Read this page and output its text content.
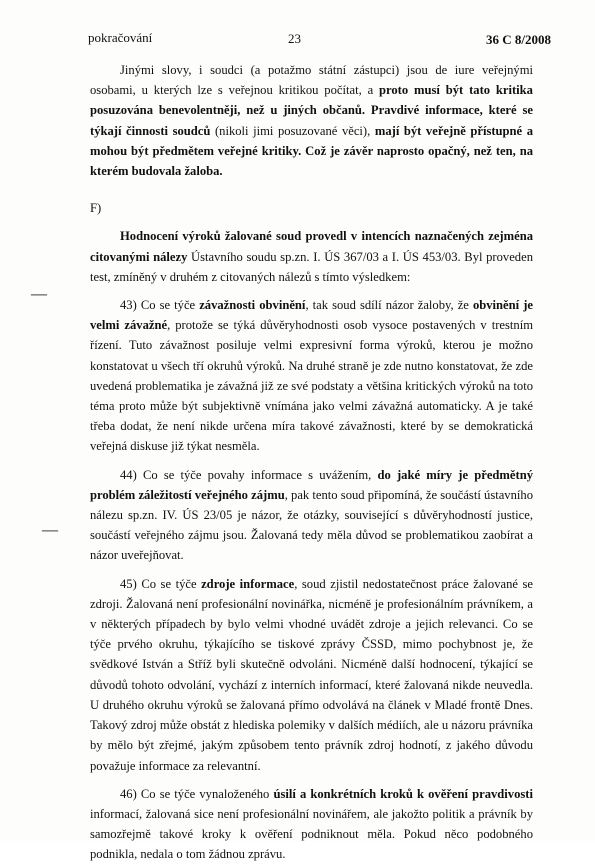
pokračování	23	36 C 8/2008
—
—

Jinými slovy, i soudci (a potažmo státní zástupci) jsou de iure veřejnými osobami, u kterých lze s veřejnou kritikou počítat, a proto musí být tato kritika posuzována benevolentněji, než u jiných občanů. Pravdivé informace, které se týkají činnosti soudců (nikoli jimi posuzované věci), mají být veřejně přístupné a mohou být předmětem veřejné kritiky. Což je závěr naprosto opačný, než ten, na kterém budovala žaloba.

F)

Hodnocení výroků žalované soud provedl v intencích naznačených zejména citovanými nálezy Ústavního soudu sp.zn. I. ÚS 367/03 a I. ÚS 453/03. Byl proveden test, zmíněný v druhém z citovaných nálezů s tímto výsledkem:

43) Co se týče závažnosti obvinění, tak soud sdílí názor žaloby, že obvinění je velmi závažné, protože se týká důvěryhodnosti osob vysoce postavených v trestním řízení. Tuto závažnost posiluje velmi expresivní forma výroků, kterou je možno konstatovat u všech tří okruhů výroků. Na druhé straně je zde nutno konstatovat, že zde uvedená problematika je závažná již ze své podstaty a většina kritických výroků na toto téma proto může být subjektivně vnímána jako velmi závažná automaticky. A je také třeba dodat, že není nikde určena míra takové závažnosti, které by se demokratická veřejná diskuse již týkat nesměla.

44) Co se týče povahy informace s uvážením, do jaké míry je předmětný problém záležitostí veřejného zájmu, pak tento soud připomíná, že součástí ústavního nálezu sp.zn. IV. ÚS 23/05 je názor, že otázky, související s důvěryhodností justice, součástí veřejného zájmu jsou. Žalovaná tedy měla důvod se problematikou zaobírat a názor uveřejňovat.

45) Co se týče zdroje informace, soud zjistil nedostatečnost práce žalované se zdroji. Žalovaná není profesionální novinářka, nicméně je profesionálním právníkem, a v některých případech by bylo velmi vhodné uvádět zdroje a jejich relevanci. Co se týče prvého okruhu, týkajícího se tiskové zprávy ČSSD, mimo pochybnost je, že svědkové István a Stříž byli skutečně odvoláni. Nicméně další hodnocení, týkající se důvodů tohoto odvolání, vychází z interních informací, které žalovaná nikde neuvedla. U druhého okruhu výroků se žalovaná přímo odvolává na článek v Mladé frontě Dnes. Takový zdroj může obstát z hlediska polemiky v dalších médiích, ale u názoru právníka by mělo být zřejmé, jakým způsobem tento právník zdroj hodnotí, z jakého důvodu považuje informace za relevantní.

46) Co se týče vynaloženého úsilí a konkrétních kroků k ověření pravdivosti informací, žalovaná sice není profesionální novinářem, ale jakožto politik a právník by samozřejmě takové kroky k ověření podniknout měla. Pokud něco podobného podnikla, nedala o tom žádnou zprávu.
